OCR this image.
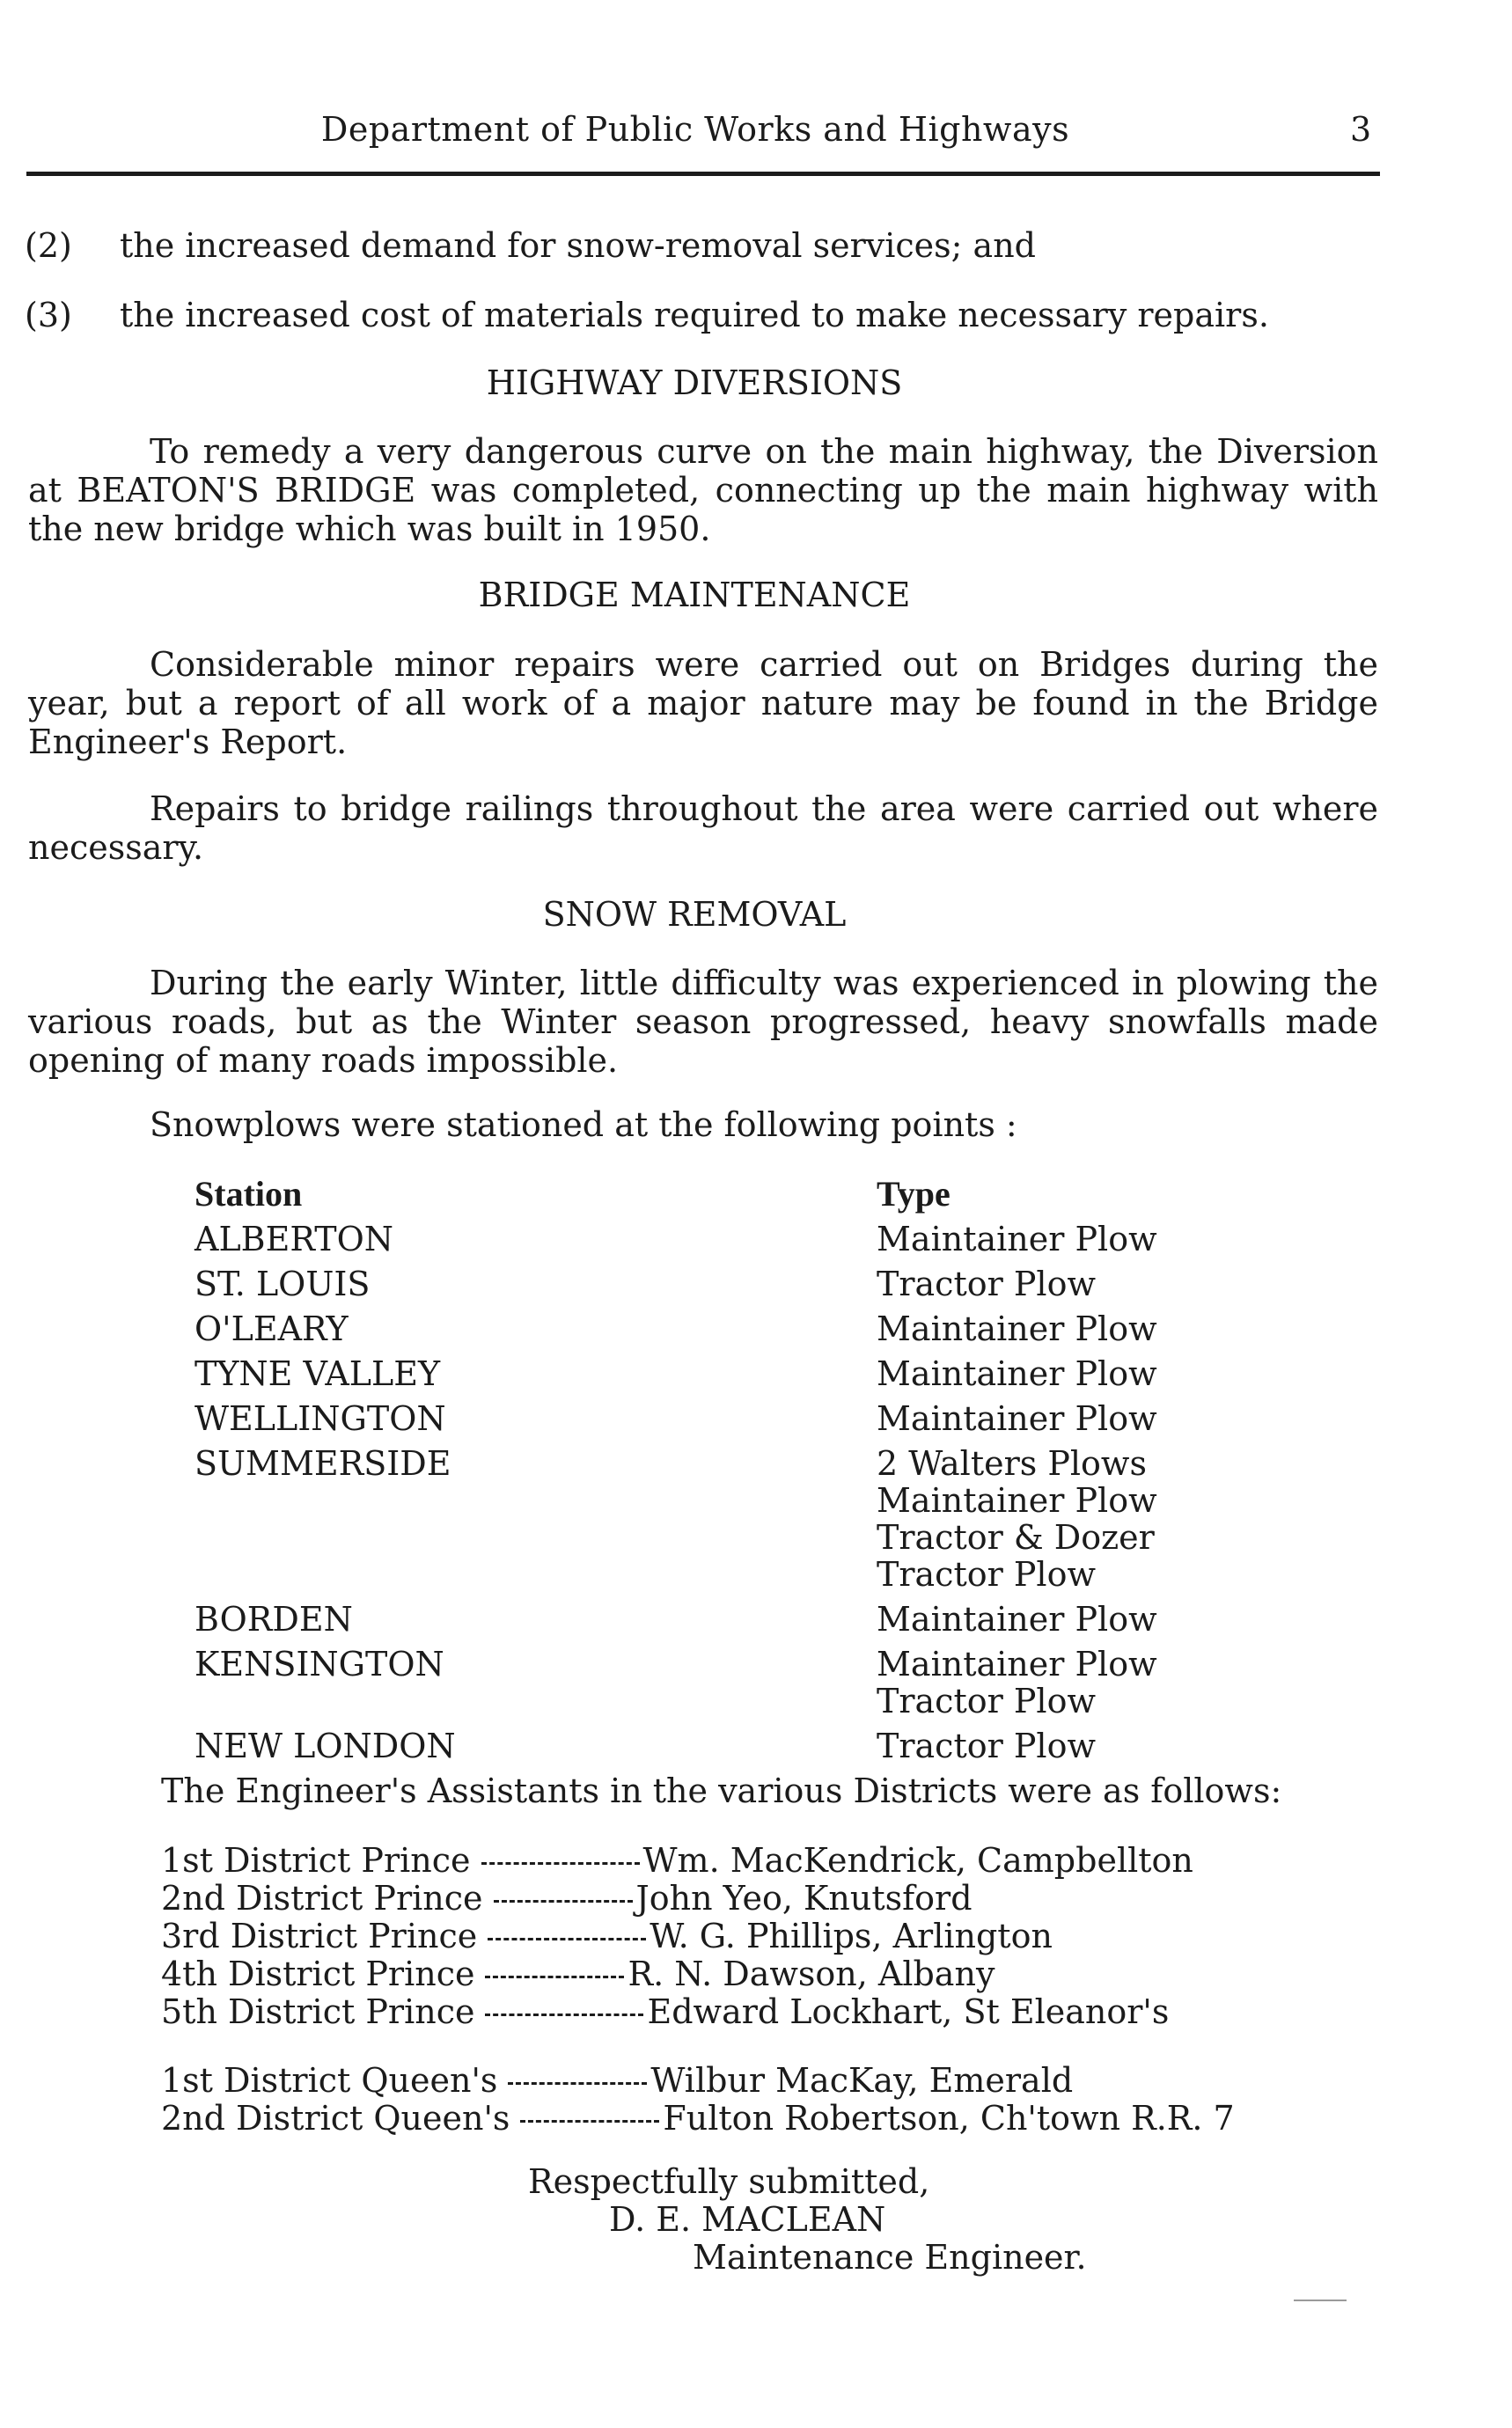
Department of Public Works and Highways	3
(2) the increased demand for snow-removal services; and
(3) the increased cost of materials required to make necessary repairs.
HIGHWAY DIVERSIONS
To remedy a very dangerous curve on the main highway, the Diversion at BEATON'S BRIDGE was completed, connecting up the main highway with the new bridge which was built in 1950.
BRIDGE MAINTENANCE
Considerable minor repairs were carried out on Bridges during the year, but a report of all work of a major nature may be found in the Bridge Engineer's Report.
Repairs to bridge railings throughout the area were carried out where necessary.
SNOW REMOVAL
During the early Winter, little difficulty was experienced in plowing the various roads, but as the Winter season progressed, heavy snowfalls made opening of many roads impossible.
Snowplows were stationed at the following points :
Station	Type
ALBERTON	Maintainer Plow
ST. LOUIS	Tractor Plow
O'LEARY	Maintainer Plow
TYNE VALLEY	Maintainer Plow
WELLINGTON	Maintainer Plow
SUMMERSIDE	2 Walters Plows
Maintainer Plow
Tractor & Dozer
Tractor Plow
BORDEN	Maintainer Plow
KENSINGTON	Maintainer Plow
Tractor Plow
NEW LONDON	Tractor Plow
The Engineer's Assistants in the various Districts were as follows:
1st District Prince	Wm. MacKendrick, Campbellton
2nd District Prince	John Yeo, Knutsford
3rd District Prince	W. G. Phillips, Arlington
4th District Prince	R. N. Dawson, Albany
5th District Prince	Edward Lockhart, St Eleanor's
1st District Queen's	Wilbur MacKay, Emerald
2nd District Queen's	Fulton Robertson, Ch'town R.R. 7
Respectfully submitted,
D. E. MACLEAN
Maintenance Engineer.
